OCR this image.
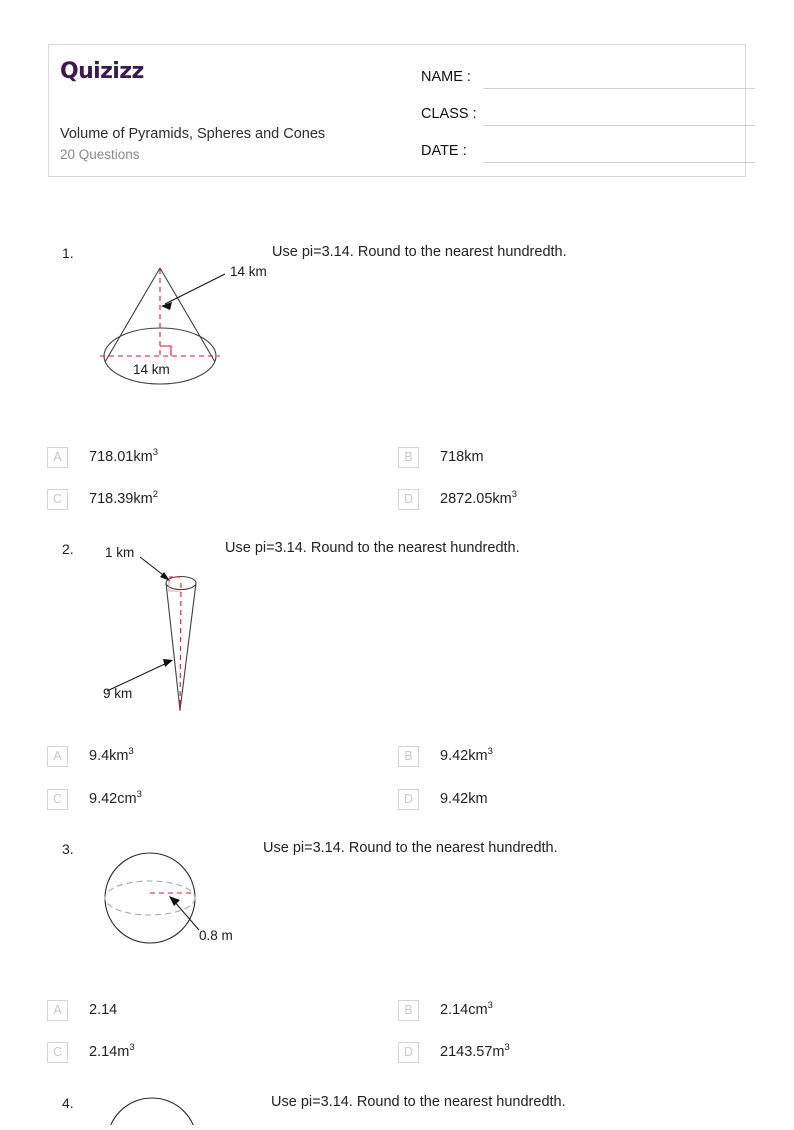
Quizizz
Volume of Pyramids, Spheres and Cones
20 Questions
NAME :
CLASS :
DATE :
1.	Use pi=3.14. Round to the nearest hundredth.
14 km
14 km
A	$718.01km^3$	B	718km
C	$718.39km^2$	D	$2872.05km^3$
2.	Use pi=3.14. Round to the nearest hundredth.
1 km
9 km
A	$9.4km^3$	B	$9.42km^3$
C	$9.42cm^3$	D	9.42km
3.	Use pi=3.14. Round to the nearest hundredth.
0.8 m
A	2.14	B	$2.14cm^3$
C	$2.14m^3$	D	$2143.57m^3$
4.	Use pi=3.14. Round to the nearest hundredth.
